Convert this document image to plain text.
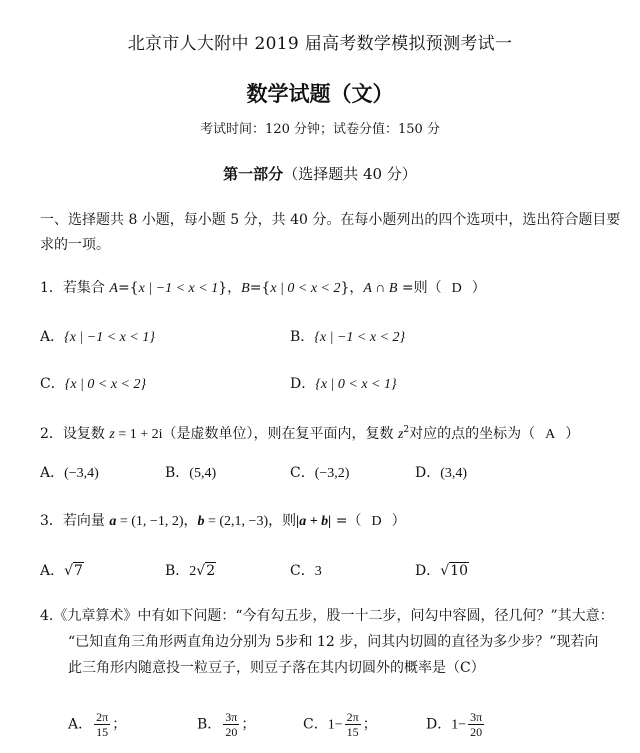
北京市人大附中 2019 届高考数学模拟预测考试一
数学试题（文）
考试时间：120 分钟；试卷分值：150 分
第一部分（选择题共 40 分）
一、选择题共 8 小题，每小题 5 分，共 40 分。在每小题列出的四个选项中，选出符合题目要
求的一项。
1．若集合 A={x | −1 < x < 1}，B={x | 0 < x < 2}，A ∩ B =则（ D ）
A．{x | −1 < x < 1}	B．{x | −1 < x < 2}
C．{x | 0 < x < 2}	D．{x | 0 < x < 1}
2．设复数 z = 1 + 2i（是虚数单位），则在复平面内，复数 $z^2$对应的点的坐标为（ A ）
A．(−3,4)	B．(5,4)	C．(−3,2)	D．(3,4)
3．若向量 a = (1, −1, 2)，b = (2,1, −3)，则|a + b| =（ D ）
A．√7	B．2√2	C．3	D．√10
4.《九章算术》中有如下问题：“今有勾五步，股一十二步，问勾中容圆，径几何？”其大意：
“已知直角三角形两直角边分别为 5步和 12 步，问其内切圆的直径为多少步？”现若向
此三角形内随意投一粒豆子，则豆子落在其内切圆外的概率是（C）
A． $\frac{2\pi}{15}$ ；	B． $\frac{3\pi}{20}$ ；	C．$1- \frac{2\pi}{15}$ ；	D．$1- \frac{3\pi}{20}$
